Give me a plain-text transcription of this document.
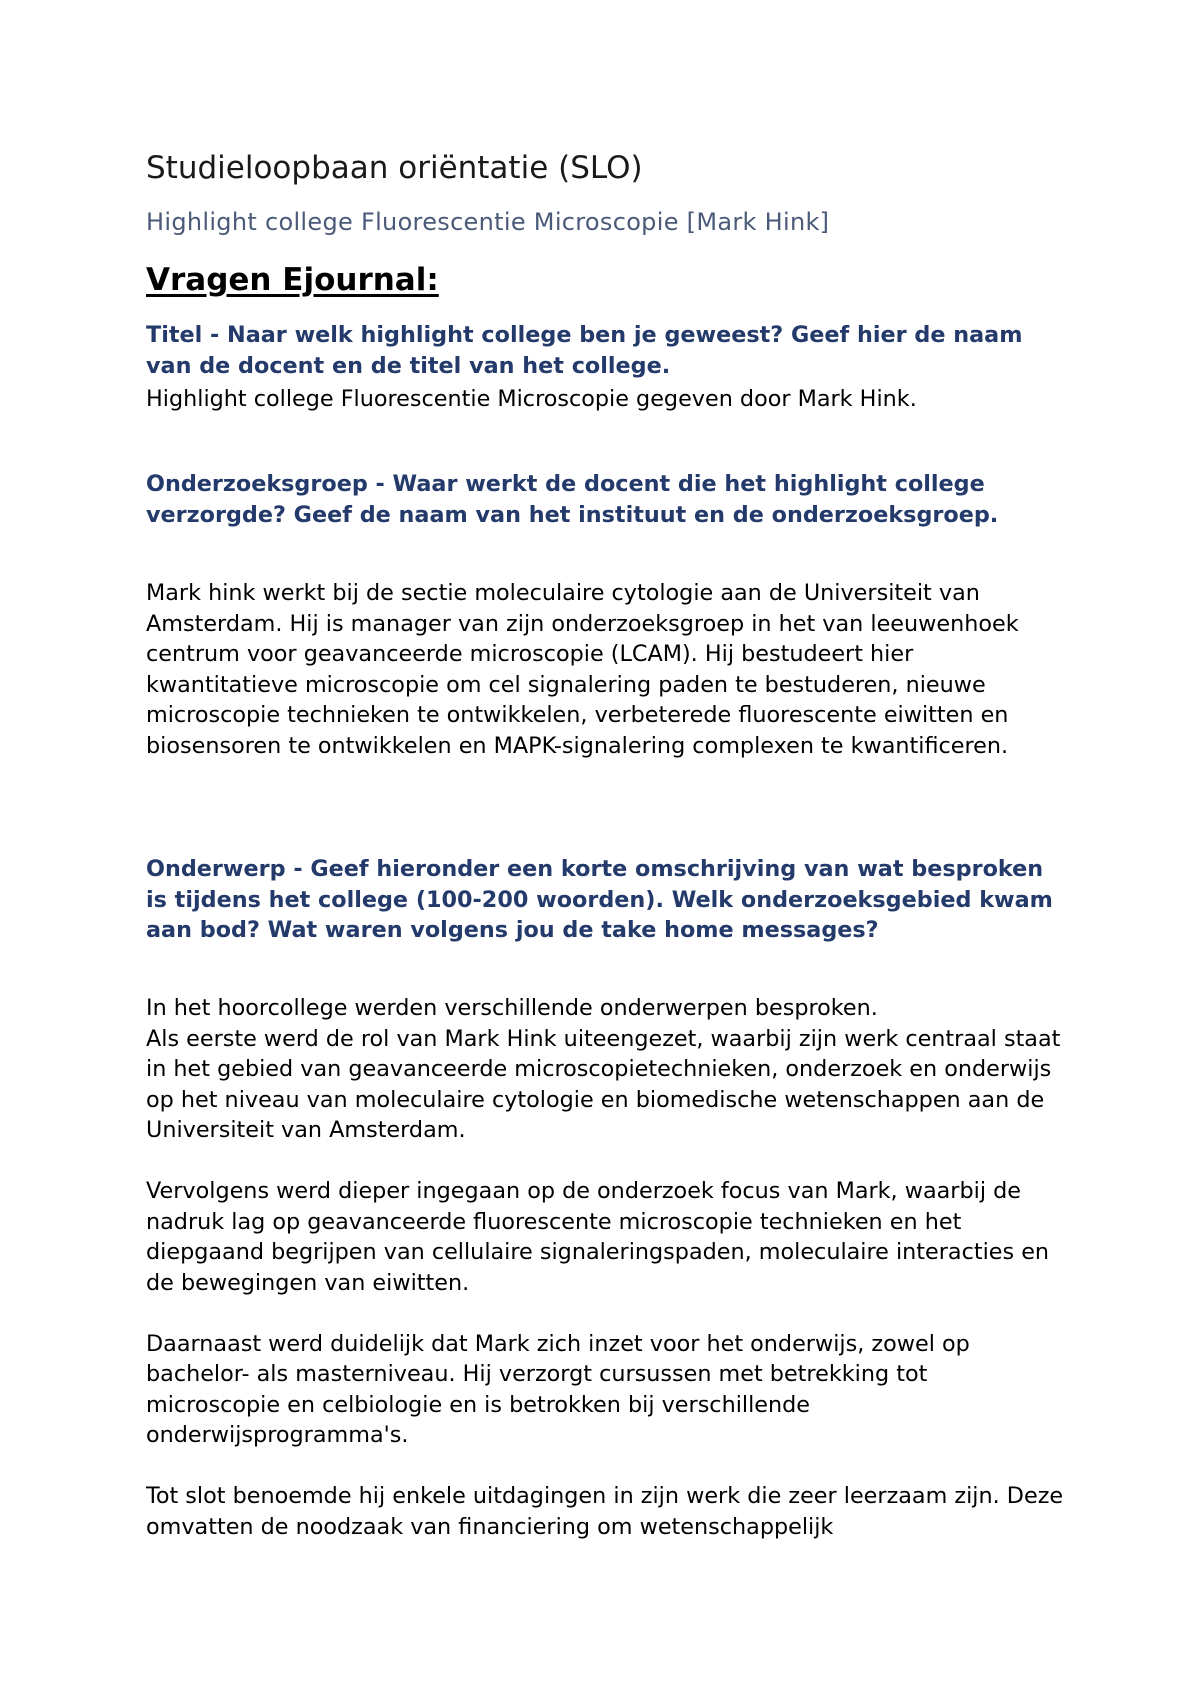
Studieloopbaan oriëntatie (SLO)
Highlight college Fluorescentie Microscopie [Mark Hink]
Vragen Ejournal:
Titel - Naar welk highlight college ben je geweest? Geef hier de naam van de docent en de titel van het college.

Highlight college Fluorescentie Microscopie gegeven door Mark Hink.

Onderzoeksgroep - Waar werkt de docent die het highlight college verzorgde? Geef de naam van het instituut en de onderzoeksgroep.

Mark hink werkt bij de sectie moleculaire cytologie aan de Universiteit van Amsterdam. Hij is manager van zijn onderzoeksgroep in het van leeuwenhoek centrum voor geavanceerde microscopie (LCAM). Hij bestudeert hier kwantitatieve microscopie om cel signalering paden te bestuderen, nieuwe microscopie technieken te ontwikkelen, verbeterede fluorescente eiwitten en biosensoren te ontwikkelen en MAPK-signalering complexen te kwantificeren.

Onderwerp - Geef hieronder een korte omschrijving van wat besproken is tijdens het college (100-200 woorden). Welk onderzoeksgebied kwam aan bod? Wat waren volgens jou de take home messages?

In het hoorcollege werden verschillende onderwerpen besproken.

Als eerste werd de rol van Mark Hink uiteengezet, waarbij zijn werk centraal staat in het gebied van geavanceerde microscopietechnieken, onderzoek en onderwijs op het niveau van moleculaire cytologie en biomedische wetenschappen aan de Universiteit van Amsterdam.

Vervolgens werd dieper ingegaan op de onderzoek focus van Mark, waarbij de nadruk lag op geavanceerde fluorescente microscopie technieken en het diepgaand begrijpen van cellulaire signaleringspaden, moleculaire interacties en de bewegingen van eiwitten.

Daarnaast werd duidelijk dat Mark zich inzet voor het onderwijs, zowel op bachelor- als masterniveau. Hij verzorgt cursussen met betrekking tot microscopie en celbiologie en is betrokken bij verschillende onderwijsprogramma's.

Tot slot benoemde hij enkele uitdagingen in zijn werk die zeer leerzaam zijn. Deze omvatten de noodzaak van financiering om wetenschappelijk
